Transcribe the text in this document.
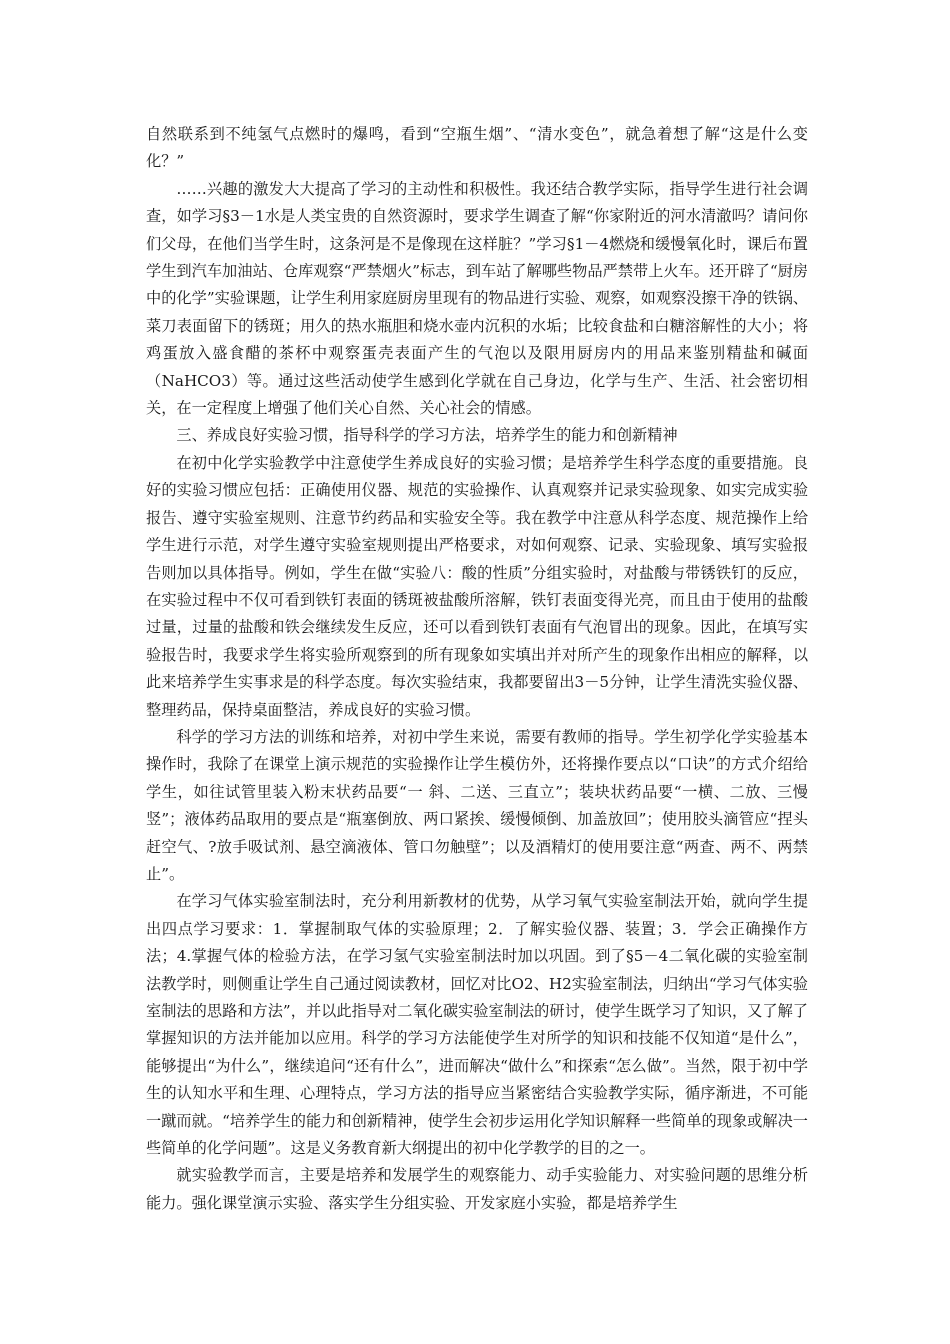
自然联系到不纯氢气点燃时的爆鸣，看到“空瓶生烟”、“清水变色”，就急着想了解“这是什么变化？”

……兴趣的激发大大提高了学习的主动性和积极性。我还结合教学实际，指导学生进行社会调查，如学习§3－1水是人类宝贵的自然资源时，要求学生调查了解“你家附近的河水清澈吗？请问你们父母，在他们当学生时，这条河是不是像现在这样脏？”学习§1－4燃烧和缓慢氧化时，课后布置学生到汽车加油站、仓库观察“严禁烟火”标志，到车站了解哪些物品严禁带上火车。还开辟了“厨房中的化学”实验课题，让学生利用家庭厨房里现有的物品进行实验、观察，如观察没擦干净的铁锅、菜刀表面留下的锈斑；用久的热水瓶胆和烧水壶内沉积的水垢；比较食盐和白糖溶解性的大小；将鸡蛋放入盛食醋的茶杯中观察蛋壳表面产生的气泡以及限用厨房内的用品来鉴别精盐和碱面（NaHCO3）等。通过这些活动使学生感到化学就在自己身边，化学与生产、生活、社会密切相关，在一定程度上增强了他们关心自然、关心社会的情感。

三、养成良好实验习惯，指导科学的学习方法，培养学生的能力和创新精神

在初中化学实验教学中注意使学生养成良好的实验习惯；是培养学生科学态度的重要措施。良好的实验习惯应包括：正确使用仪器、规范的实验操作、认真观察并记录实验现象、如实完成实验报告、遵守实验室规则、注意节约药品和实验安全等。我在教学中注意从科学态度、规范操作上给学生进行示范，对学生遵守实验室规则提出严格要求，对如何观察、记录、实验现象、填写实验报告则加以具体指导。例如，学生在做“实验八：酸的性质”分组实验时，对盐酸与带锈铁钉的反应，在实验过程中不仅可看到铁钉表面的锈斑被盐酸所溶解，铁钉表面变得光亮，而且由于使用的盐酸过量，过量的盐酸和铁会继续发生反应，还可以看到铁钉表面有气泡冒出的现象。因此，在填写实验报告时，我要求学生将实验所观察到的所有现象如实填出并对所产生的现象作出相应的解释，以此来培养学生实事求是的科学态度。每次实验结束，我都要留出3－5分钟，让学生清洗实验仪器、整理药品，保持桌面整洁，养成良好的实验习惯。

科学的学习方法的训练和培养，对初中学生来说，需要有教师的指导。学生初学化学实验基本操作时，我除了在课堂上演示规范的实验操作让学生模仿外，还将操作要点以“口诀”的方式介绍给学生，如往试管里装入粉末状药品要“一 斜、二送、三直立”；装块状药品要“一横、二放、三慢竖”；液体药品取用的要点是“瓶塞倒放、两口紧挨、缓慢倾倒、加盖放回”；使用胶头滴管应“捏头赶空气、?放手吸试剂、悬空滴液体、管口勿触壁”；以及酒精灯的使用要注意“两查、两不、两禁止”。

在学习气体实验室制法时，充分利用新教材的优势，从学习氧气实验室制法开始，就向学生提出四点学习要求：1．掌握制取气体的实验原理；2．了解实验仪器、装置；3．学会正确操作方法；4.掌握气体的检验方法，在学习氢气实验室制法时加以巩固。到了§5－4二氧化碳的实验室制法教学时，则侧重让学生自己通过阅读教材，回忆对比O2、H2实验室制法，归纳出“学习气体实验室制法的思路和方法”，并以此指导对二氧化碳实验室制法的研讨，使学生既学习了知识，又了解了掌握知识的方法并能加以应用。科学的学习方法能使学生对所学的知识和技能不仅知道“是什么”，能够提出“为什么”，继续追问“还有什么”，进而解决“做什么”和探索“怎么做”。当然，限于初中学生的认知水平和生理、心理特点，学习方法的指导应当紧密结合实验教学实际，循序渐进，不可能一蹴而就。“培养学生的能力和创新精神，使学生会初步运用化学知识解释一些简单的现象或解决一些简单的化学问题”。这是义务教育新大纲提出的初中化学教学的目的之一。

就实验教学而言，主要是培养和发展学生的观察能力、动手实验能力、对实验问题的思维分析能力。强化课堂演示实验、落实学生分组实验、开发家庭小实验，都是培养学生
